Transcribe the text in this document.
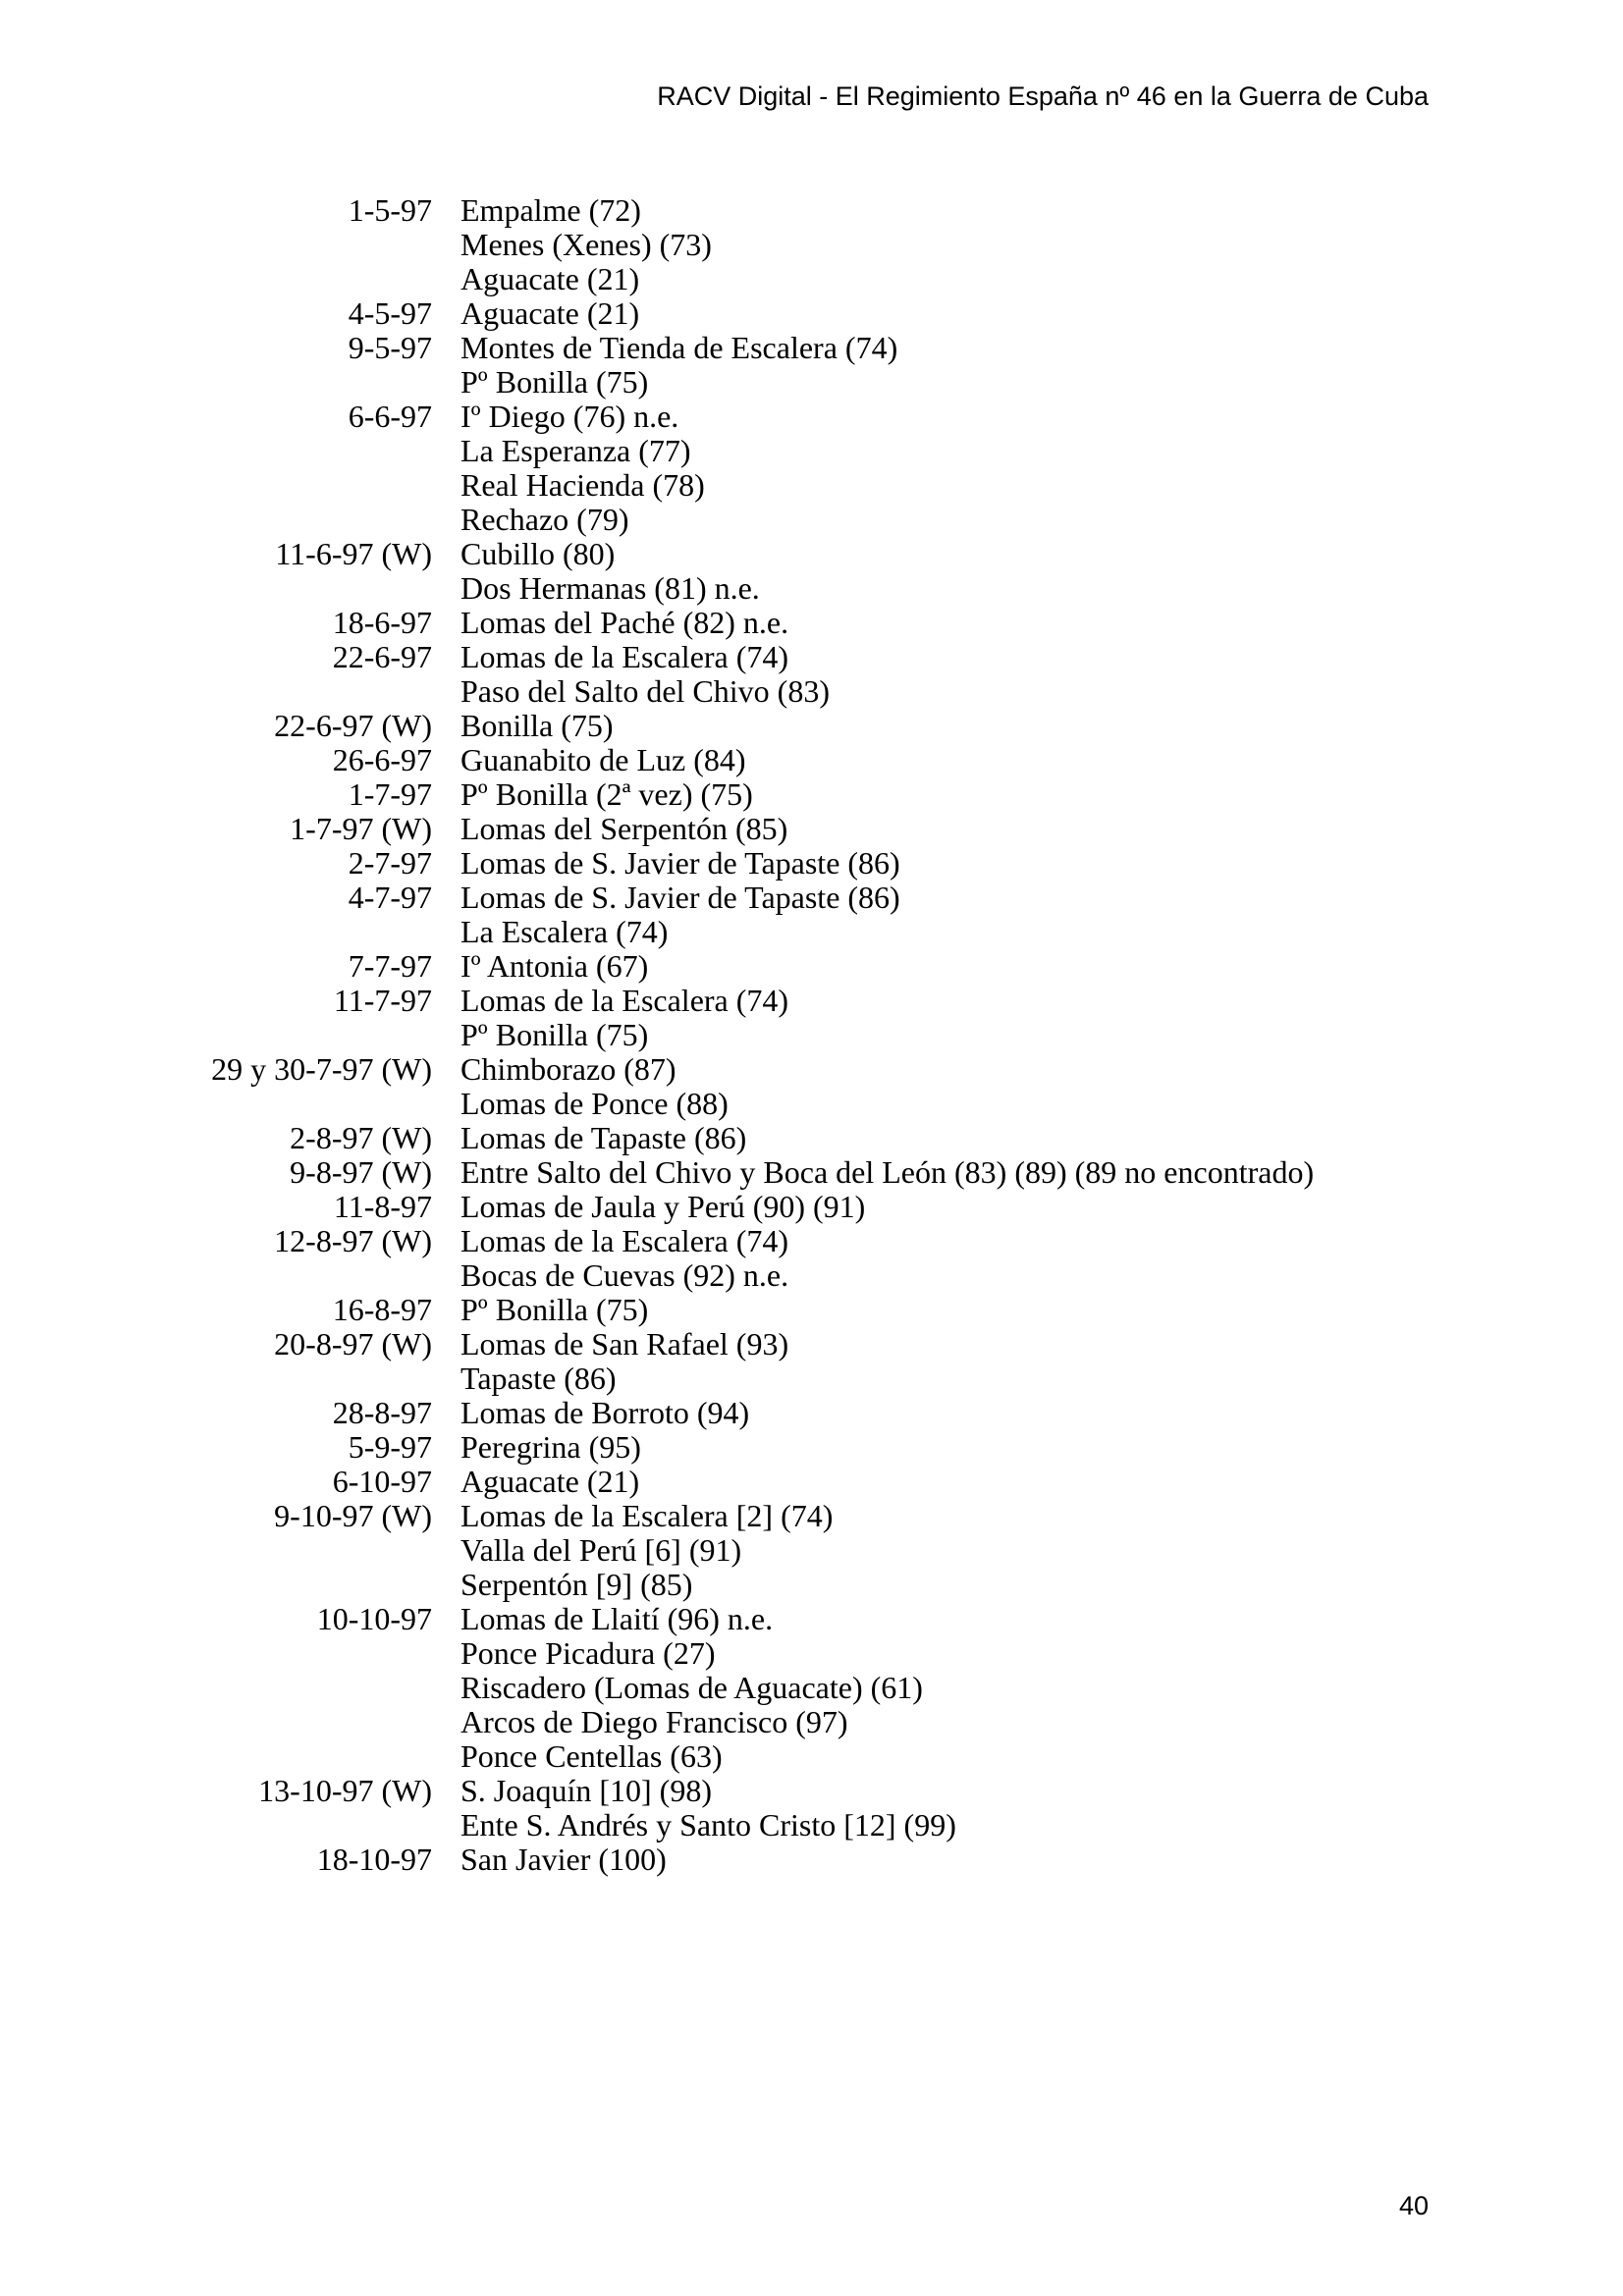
RACV Digital - El Regimiento España nº 46 en la Guerra de Cuba
1-5-97 Empalme (72)
Menes (Xenes) (73)
Aguacate (21)
4-5-97 Aguacate (21)
9-5-97 Montes de Tienda de Escalera (74)
Pº Bonilla (75)
6-6-97 Iº Diego (76) n.e.
La Esperanza (77)
Real Hacienda (78)
Rechazo (79)
11-6-97 (W) Cubillo (80)
Dos Hermanas (81) n.e.
18-6-97 Lomas del Paché (82) n.e.
22-6-97 Lomas de la Escalera (74)
Paso del Salto del Chivo (83)
22-6-97 (W) Bonilla (75)
26-6-97 Guanabito de Luz (84)
1-7-97 Pº Bonilla (2ª vez) (75)
1-7-97 (W) Lomas del Serpentón (85)
2-7-97 Lomas de S. Javier de Tapaste (86)
4-7-97 Lomas de S. Javier de Tapaste (86)
La Escalera (74)
7-7-97 Iº Antonia (67)
11-7-97 Lomas de la Escalera (74)
Pº Bonilla (75)
29 y 30-7-97 (W) Chimborazo (87)
Lomas de Ponce (88)
2-8-97 (W) Lomas de Tapaste (86)
9-8-97 (W) Entre Salto del Chivo y Boca del León (83) (89) (89 no encontrado)
11-8-97 Lomas de Jaula y Perú (90) (91)
12-8-97 (W) Lomas de la Escalera (74)
Bocas de Cuevas (92) n.e.
16-8-97 Pº Bonilla (75)
20-8-97 (W) Lomas de San Rafael (93)
Tapaste (86)
28-8-97 Lomas de Borroto (94)
5-9-97 Peregrina (95)
6-10-97 Aguacate (21)
9-10-97 (W) Lomas de la Escalera [2] (74)
Valla del Perú [6] (91)
Serpentón [9] (85)
10-10-97 Lomas de Llaití (96) n.e.
Ponce Picadura (27)
Riscadero (Lomas de Aguacate) (61)
Arcos de Diego Francisco (97)
Ponce Centellas (63)
13-10-97 (W) S. Joaquín [10] (98)
Ente S. Andrés y Santo Cristo [12] (99)
18-10-97 San Javier (100)
40
